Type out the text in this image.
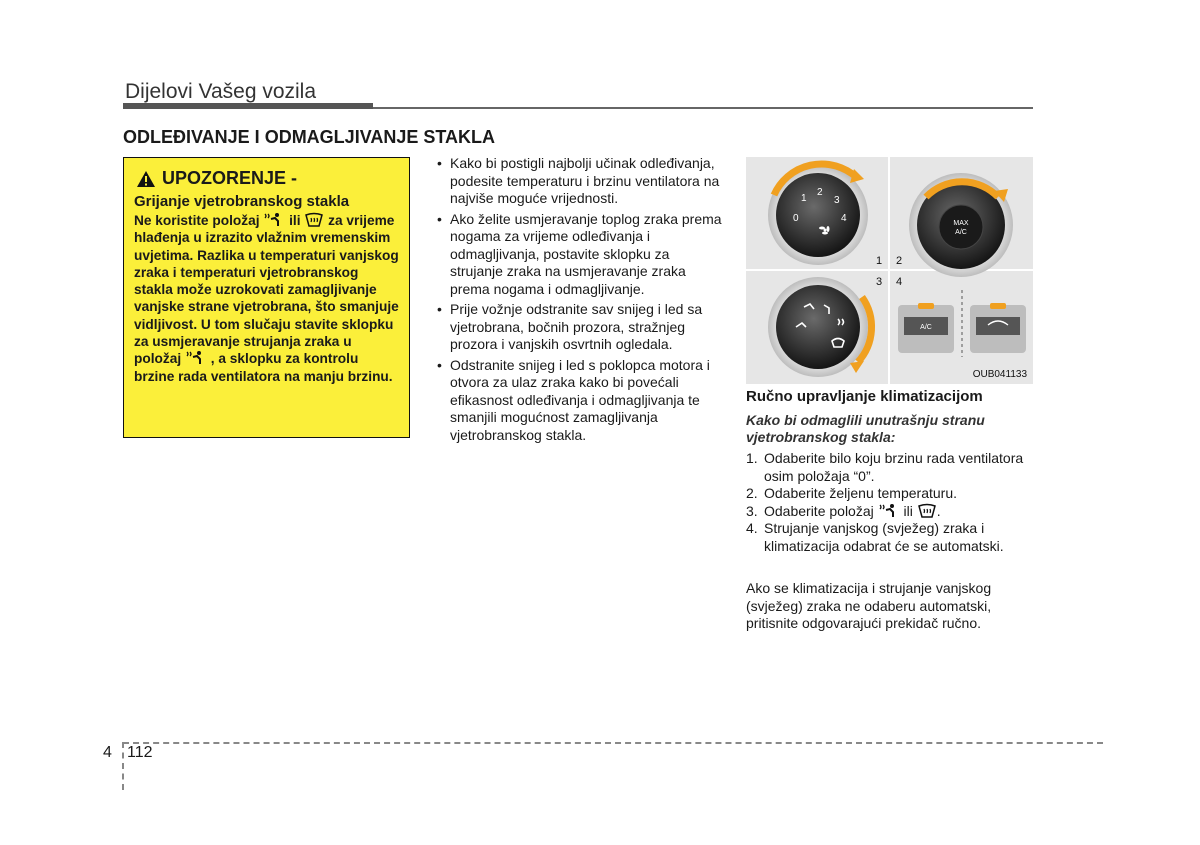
Dijelovi Vašeg vozila
ODLEĐIVANJE I ODMAGLJIVANJE STAKLA
UPOZORENJE -
Grijanje vjetrobranskog stakla
Ne koristite položaj ili za vrijeme hlađenja u izrazito vlažnim vremenskim uvjetima. Razlika u temperaturi vanjskog zraka i temperaturi vjetrobranskog stakla može uzrokovati zamagljivanje vanjske strane vjetrobrana, što smanjuje vidljivost. U tom slučaju stavite sklopku za usmjeravanje strujanja zraka u položaj , a sklopku za kontrolu brzine rada ventilatora na manju brzinu.
• Kako bi postigli najbolji učinak odleđivanja, podesite temperaturu i brzinu ventilatora na najviše moguće vrijednosti.
• Ako želite usmjeravanje toplog zraka prema nogama za vrijeme odleđivanja i odmagljivanja, postavite sklopku za strujanje zraka na usmjeravanje zraka prema nogama i odmagljivanje.
• Prije vožnje odstranite sav snijeg i led sa vjetrobrana, bočnih prozora, stražnjeg prozora i vanjskih osvrtnih ogledala.
• Odstranite snijeg i led s poklopca motora i otvora za ulaz zraka kako bi povećali efikasnost odleđivanja i odmagljivanja te smanjili mogućnost zamagljivanja vjetrobranskog stakla.
0
1
2
3
4
1
MAX
A/C
2
3 4
A/C
OUB041133
Ručno upravljanje klimatizacijom
Kako bi odmaglili unutrašnju stranu vjetrobranskog stakla:
1. Odaberite bilo koju brzinu rada ventilatora osim položaja “0”.
2. Odaberite željenu temperaturu.
3. Odaberite položaj ili .
4. Strujanje vanjskog (svježeg) zraka i klimatizacija odabrat će se automatski.
Ako se klimatizacija i strujanje vanjskog (svježeg) zraka ne odaberu automatski, pritisnite odgovarajući prekidač ručno.
4 112
